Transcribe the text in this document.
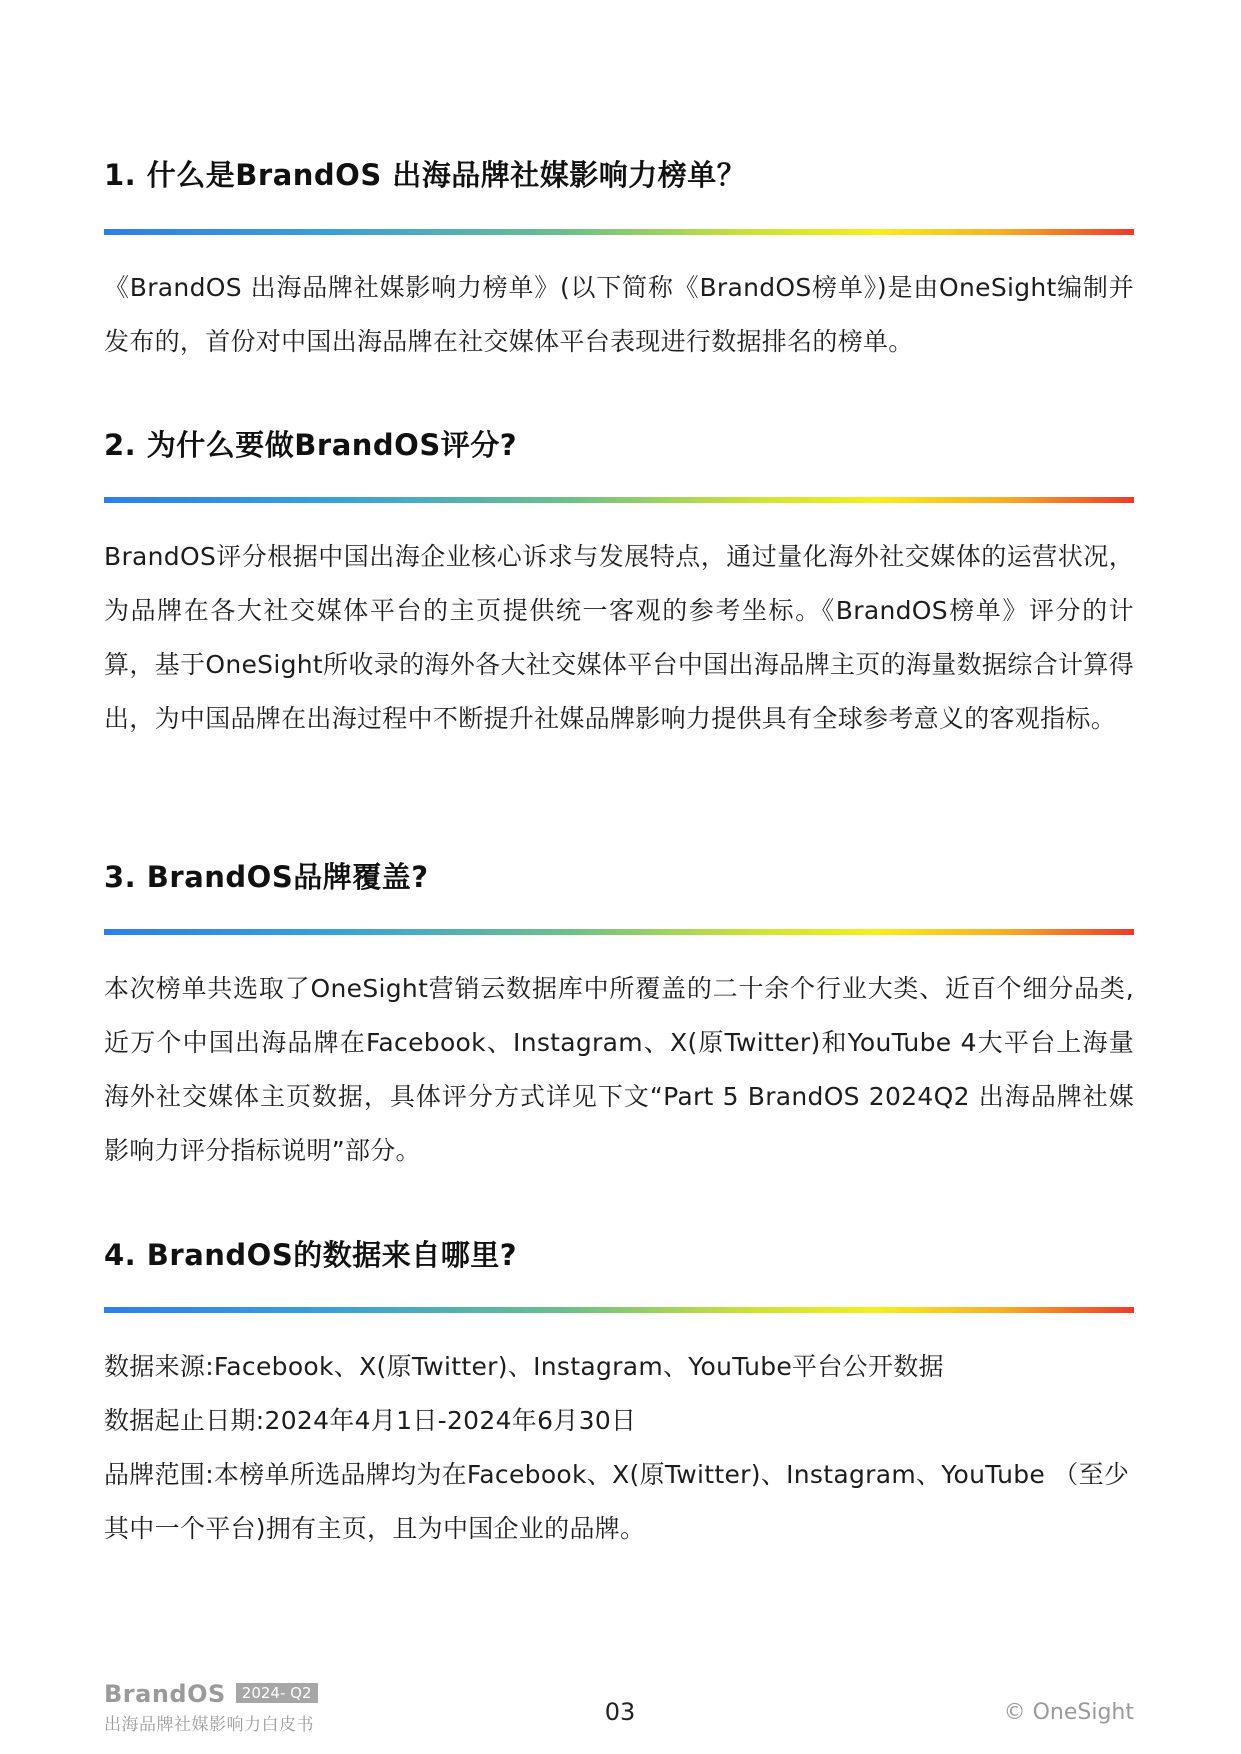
1. 什么是BrandOS 出海品牌社媒影响力榜单？

《BrandOS 出海品牌社媒影响力榜单》(以下简称《BrandOS榜单》)是由OneSight编制并发布的，首份对中国出海品牌在社交媒体平台表现进行数据排名的榜单。

2. 为什么要做BrandOS评分?

BrandOS评分根据中国出海企业核心诉求与发展特点，通过量化海外社交媒体的运营状况，为品牌在各大社交媒体平台的主页提供统一客观的参考坐标。《BrandOS榜单》评分的计算，基于OneSight所收录的海外各大社交媒体平台中国出海品牌主页的海量数据综合计算得出，为中国品牌在出海过程中不断提升社媒品牌影响力提供具有全球参考意义的客观指标。

3. BrandOS品牌覆盖?

本次榜单共选取了OneSight营销云数据库中所覆盖的二十余个行业大类、近百个细分品类,近万个中国出海品牌在Facebook、Instagram、X(原Twitter)和YouTube 4大平台上海量海外社交媒体主页数据，具体评分方式详见下文“Part 5 BrandOS 2024Q2 出海品牌社媒影响力评分指标说明”部分。

4. BrandOS的数据来自哪里?
数据来源:Facebook、X(原Twitter)、Instagram、YouTube平台公开数据
数据起止日期:2024年4月1日-2024年6月30日
品牌范围:本榜单所选品牌均为在Facebook、X(原Twitter)、Instagram、YouTube （至少
其中一个平台)拥有主页，且为中国企业的品牌。
BrandOS 2024- Q2
出海品牌社媒影响力白皮书	03	© OneSight
